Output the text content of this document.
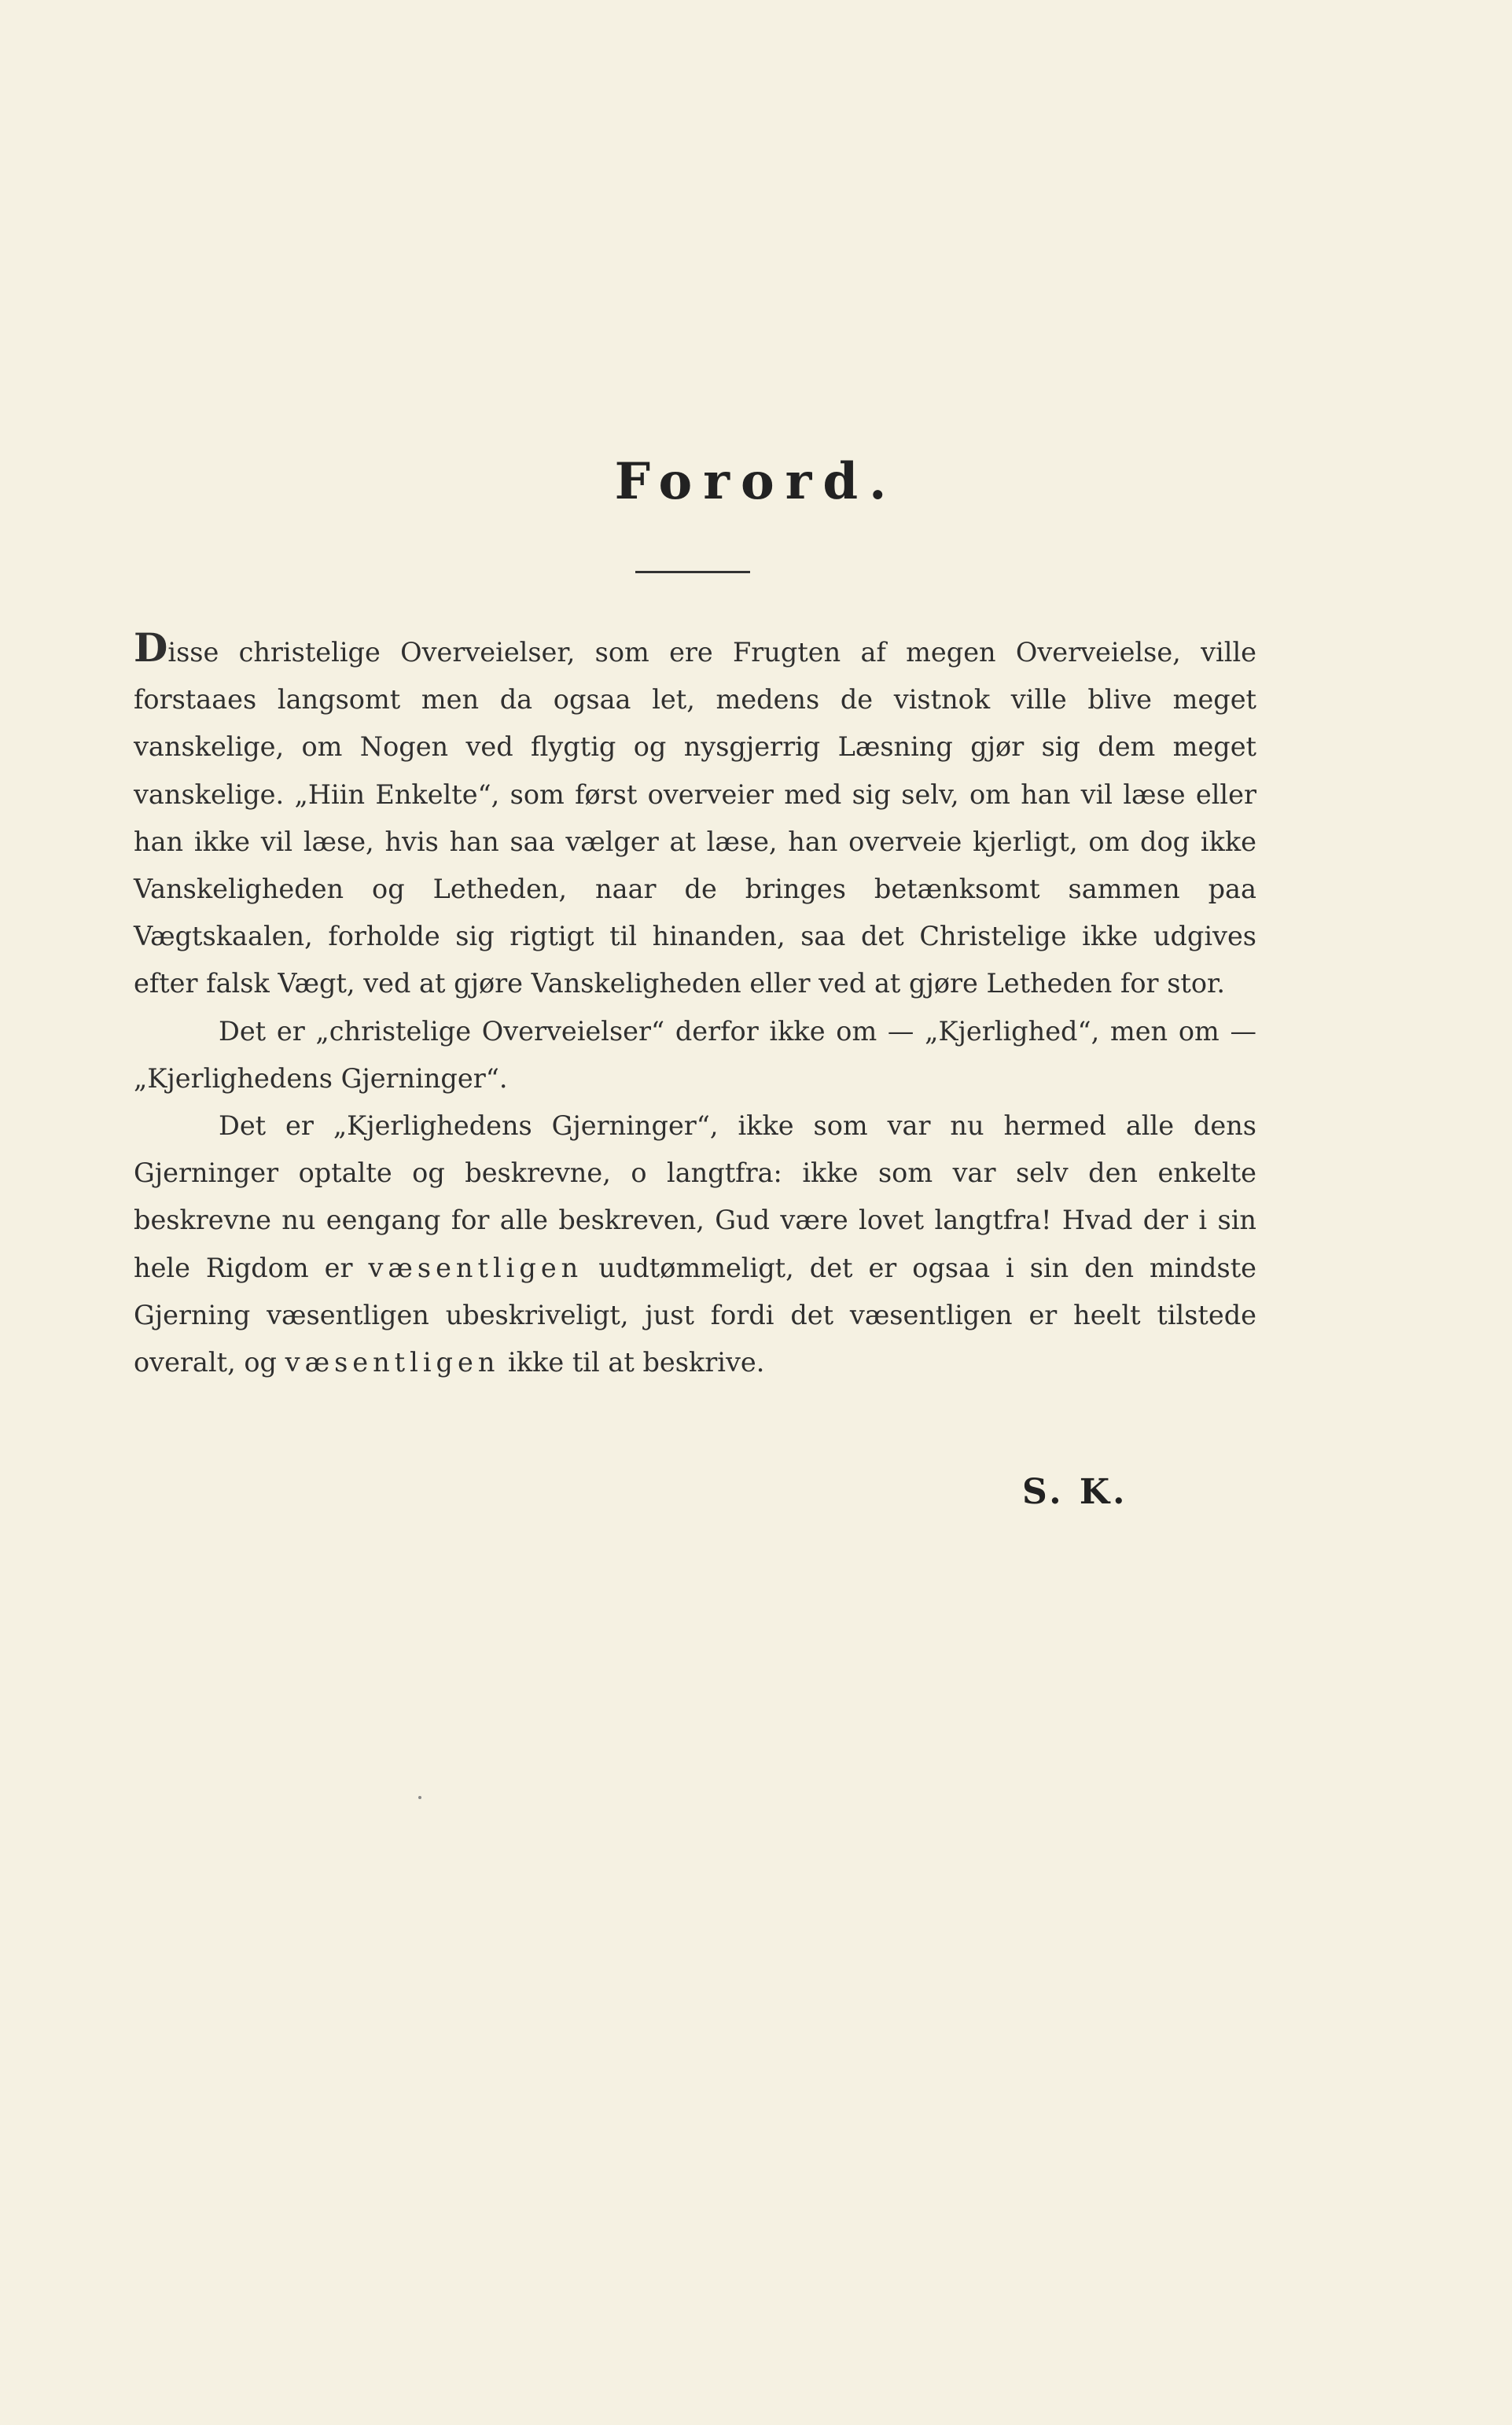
Forord.

Disse christelige Overveielser, som ere Frugten af megen Overveielse, ville forstaaes langsomt men da ogsaa let, medens de vistnok ville blive meget vanskelige, om Nogen ved flygtig og nysgjerrig Læsning gjør sig dem meget vanskelige. „Hiin Enkelte“, som først overveier med sig selv, om han vil læse eller han ikke vil læse, hvis han saa vælger at læse, han overveie kjerligt, om dog ikke Vanskeligheden og Letheden, naar de bringes betænksomt sammen paa Vægtskaalen, forholde sig rigtigt til hinanden, saa det Christelige ikke udgives efter falsk Vægt, ved at gjøre Vanskeligheden eller ved at gjøre Letheden for stor.

Det er „christelige Overveielser“ derfor ikke om — „Kjerlighed“, men om — „Kjerlighedens Gjerninger“.

Det er „Kjerlighedens Gjerninger“, ikke som var nu hermed alle dens Gjerninger optalte og beskrevne, o langtfra: ikke som var selv den enkelte beskrevne nu eengang for alle beskreven, Gud være lovet langtfra! Hvad der i sin hele Rigdom er væsentligen uudtømmeligt, det er ogsaa i sin den mindste Gjerning væsentligen ubeskriveligt, just fordi det væsentligen er heelt tilstede overalt, og væsentligen ikke til at beskrive.

S. K.
